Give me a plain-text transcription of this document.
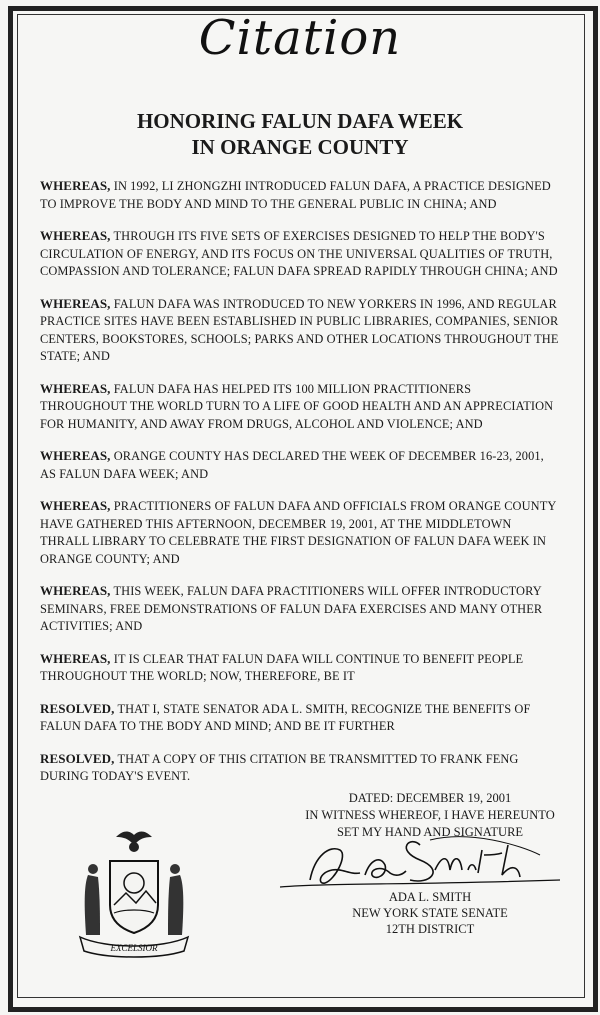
Citation
HONORING FALUN DAFA WEEK
IN ORANGE COUNTY

WHEREAS, IN 1992, LI ZHONGZHI INTRODUCED FALUN DAFA, A PRACTICE DESIGNED TO IMPROVE THE BODY AND MIND TO THE GENERAL PUBLIC IN CHINA; AND

WHEREAS, THROUGH ITS FIVE SETS OF EXERCISES DESIGNED TO HELP THE BODY'S CIRCULATION OF ENERGY, AND ITS FOCUS ON THE UNIVERSAL QUALITIES OF TRUTH, COMPASSION AND TOLERANCE; FALUN DAFA SPREAD RAPIDLY THROUGH CHINA; AND

WHEREAS, FALUN DAFA WAS INTRODUCED TO NEW YORKERS IN 1996, AND REGULAR PRACTICE SITES HAVE BEEN ESTABLISHED IN PUBLIC LIBRARIES, COMPANIES, SENIOR CENTERS, BOOKSTORES, SCHOOLS; PARKS AND OTHER LOCATIONS THROUGHOUT THE STATE; AND

WHEREAS, FALUN DAFA HAS HELPED ITS 100 MILLION PRACTITIONERS THROUGHOUT THE WORLD TURN TO A LIFE OF GOOD HEALTH AND AN APPRECIATION FOR HUMANITY, AND AWAY FROM DRUGS, ALCOHOL AND VIOLENCE; AND

WHEREAS, ORANGE COUNTY HAS DECLARED THE WEEK OF DECEMBER 16-23, 2001, AS FALUN DAFA WEEK; AND

WHEREAS, PRACTITIONERS OF FALUN DAFA AND OFFICIALS FROM ORANGE COUNTY HAVE GATHERED THIS AFTERNOON, DECEMBER 19, 2001, AT THE MIDDLETOWN THRALL LIBRARY TO CELEBRATE THE FIRST DESIGNATION OF FALUN DAFA WEEK IN ORANGE COUNTY; AND

WHEREAS, THIS WEEK, FALUN DAFA PRACTITIONERS WILL OFFER INTRODUCTORY SEMINARS, FREE DEMONSTRATIONS OF FALUN DAFA EXERCISES AND MANY OTHER ACTIVITIES; AND

WHEREAS, IT IS CLEAR THAT FALUN DAFA WILL CONTINUE TO BENEFIT PEOPLE THROUGHOUT THE WORLD; NOW, THEREFORE, BE IT

RESOLVED, THAT I, STATE SENATOR ADA L. SMITH, RECOGNIZE THE BENEFITS OF FALUN DAFA TO THE BODY AND MIND; AND BE IT FURTHER

RESOLVED, THAT A COPY OF THIS CITATION BE TRANSMITTED TO FRANK FENG DURING TODAY'S EVENT.

DATED: DECEMBER 19, 2001
IN WITNESS WHEREOF, I HAVE HEREUNTO
SET MY HAND AND SIGNATURE
ADA L. SMITH
NEW YORK STATE SENATE
12TH DISTRICT
EXCELSIOR
